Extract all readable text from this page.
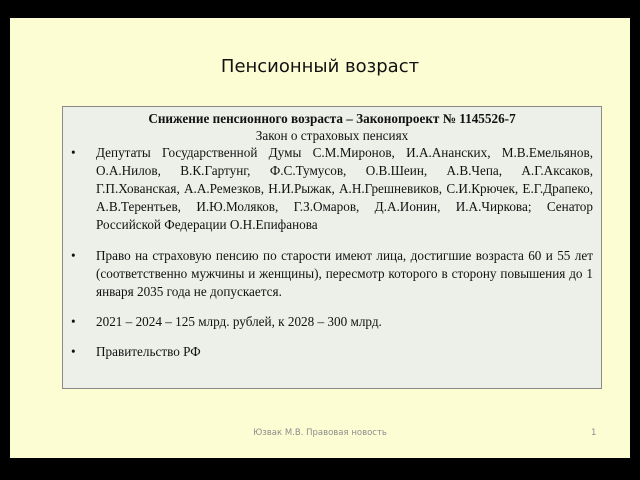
Пенсионный возраст
Снижение пенсионного возраста – Законопроект № 1145526-7
Закон о страховых пенсиях
• Депутаты Государственной Думы С.М.Миронов, И.А.Ананских, М.В.Емельянов, О.А.Нилов, В.К.Гартунг, Ф.С.Тумусов, О.В.Шеин, А.В.Чепа, А.Г.Аксаков, Г.П.Хованская, А.А.Ремезков, Н.И.Рыжак, А.Н.Грешневиков, С.И.Крючек, Е.Г.Драпеко, А.В.Терентьев, И.Ю.Моляков, Г.З.Омаров, Д.А.Ионин, И.А.Чиркова; Сенатор Российской Федерации О.Н.Епифанова
• Право на страховую пенсию по старости имеют лица, достигшие возраста 60 и 55 лет (соответственно мужчины и женщины), пересмотр которого в сторону повышения до 1 января 2035 года не допускается.
• 2021 – 2024 – 125 млрд. рублей, к 2028 – 300 млрд.
• Правительство РФ
Юзвак М.В. Правовая новость	1
